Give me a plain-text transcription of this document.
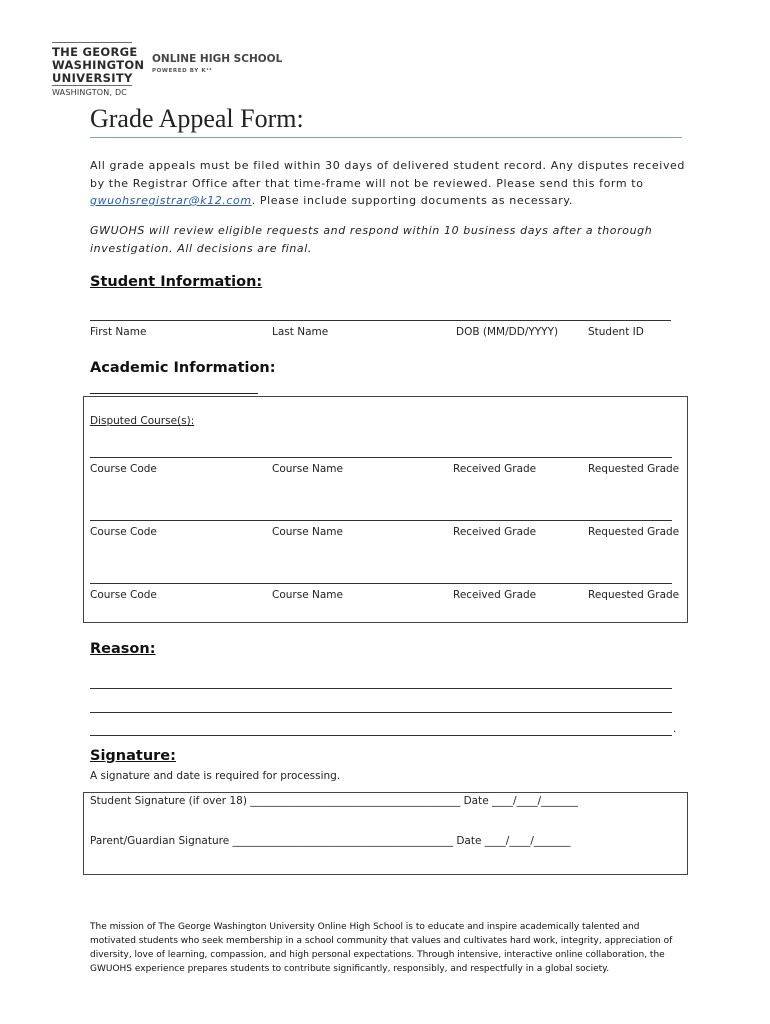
THE GEORGE
WASHINGTON
UNIVERSITY
WASHINGTON, DC
ONLINE HIGH SCHOOL
POWERED BY K¹²
Grade Appeal Form:
All grade appeals must be filed within 30 days of delivered student record. Any disputes received by the Registrar Office after that time-frame will not be reviewed. Please send this form to gwuohsregistrar@k12.com. Please include supporting documents as necessary.
GWUOHS will review eligible requests and respond within 10 business days after a thorough investigation. All decisions are final.
Student Information:
First Name	Last Name	DOB (MM/DD/YYYY)	Student ID
Academic Information:
Disputed Course(s):
Course Code	Course Name	Received Grade	Requested Grade
Course Code	Course Name	Received Grade	Requested Grade
Course Code	Course Name	Received Grade	Requested Grade
Reason:
.
Signature:
A signature and date is required for processing.
Student Signature (if over 18) ________________________________________ Date ____/____/_______
Parent/Guardian Signature __________________________________________ Date ____/____/_______
The mission of The George Washington University Online High School is to educate and inspire academically talented and motivated students who seek membership in a school community that values and cultivates hard work, integrity, appreciation of diversity, love of learning, compassion, and high personal expectations. Through intensive, interactive online collaboration, the GWUOHS experience prepares students to contribute significantly, responsibly, and respectfully in a global society.
